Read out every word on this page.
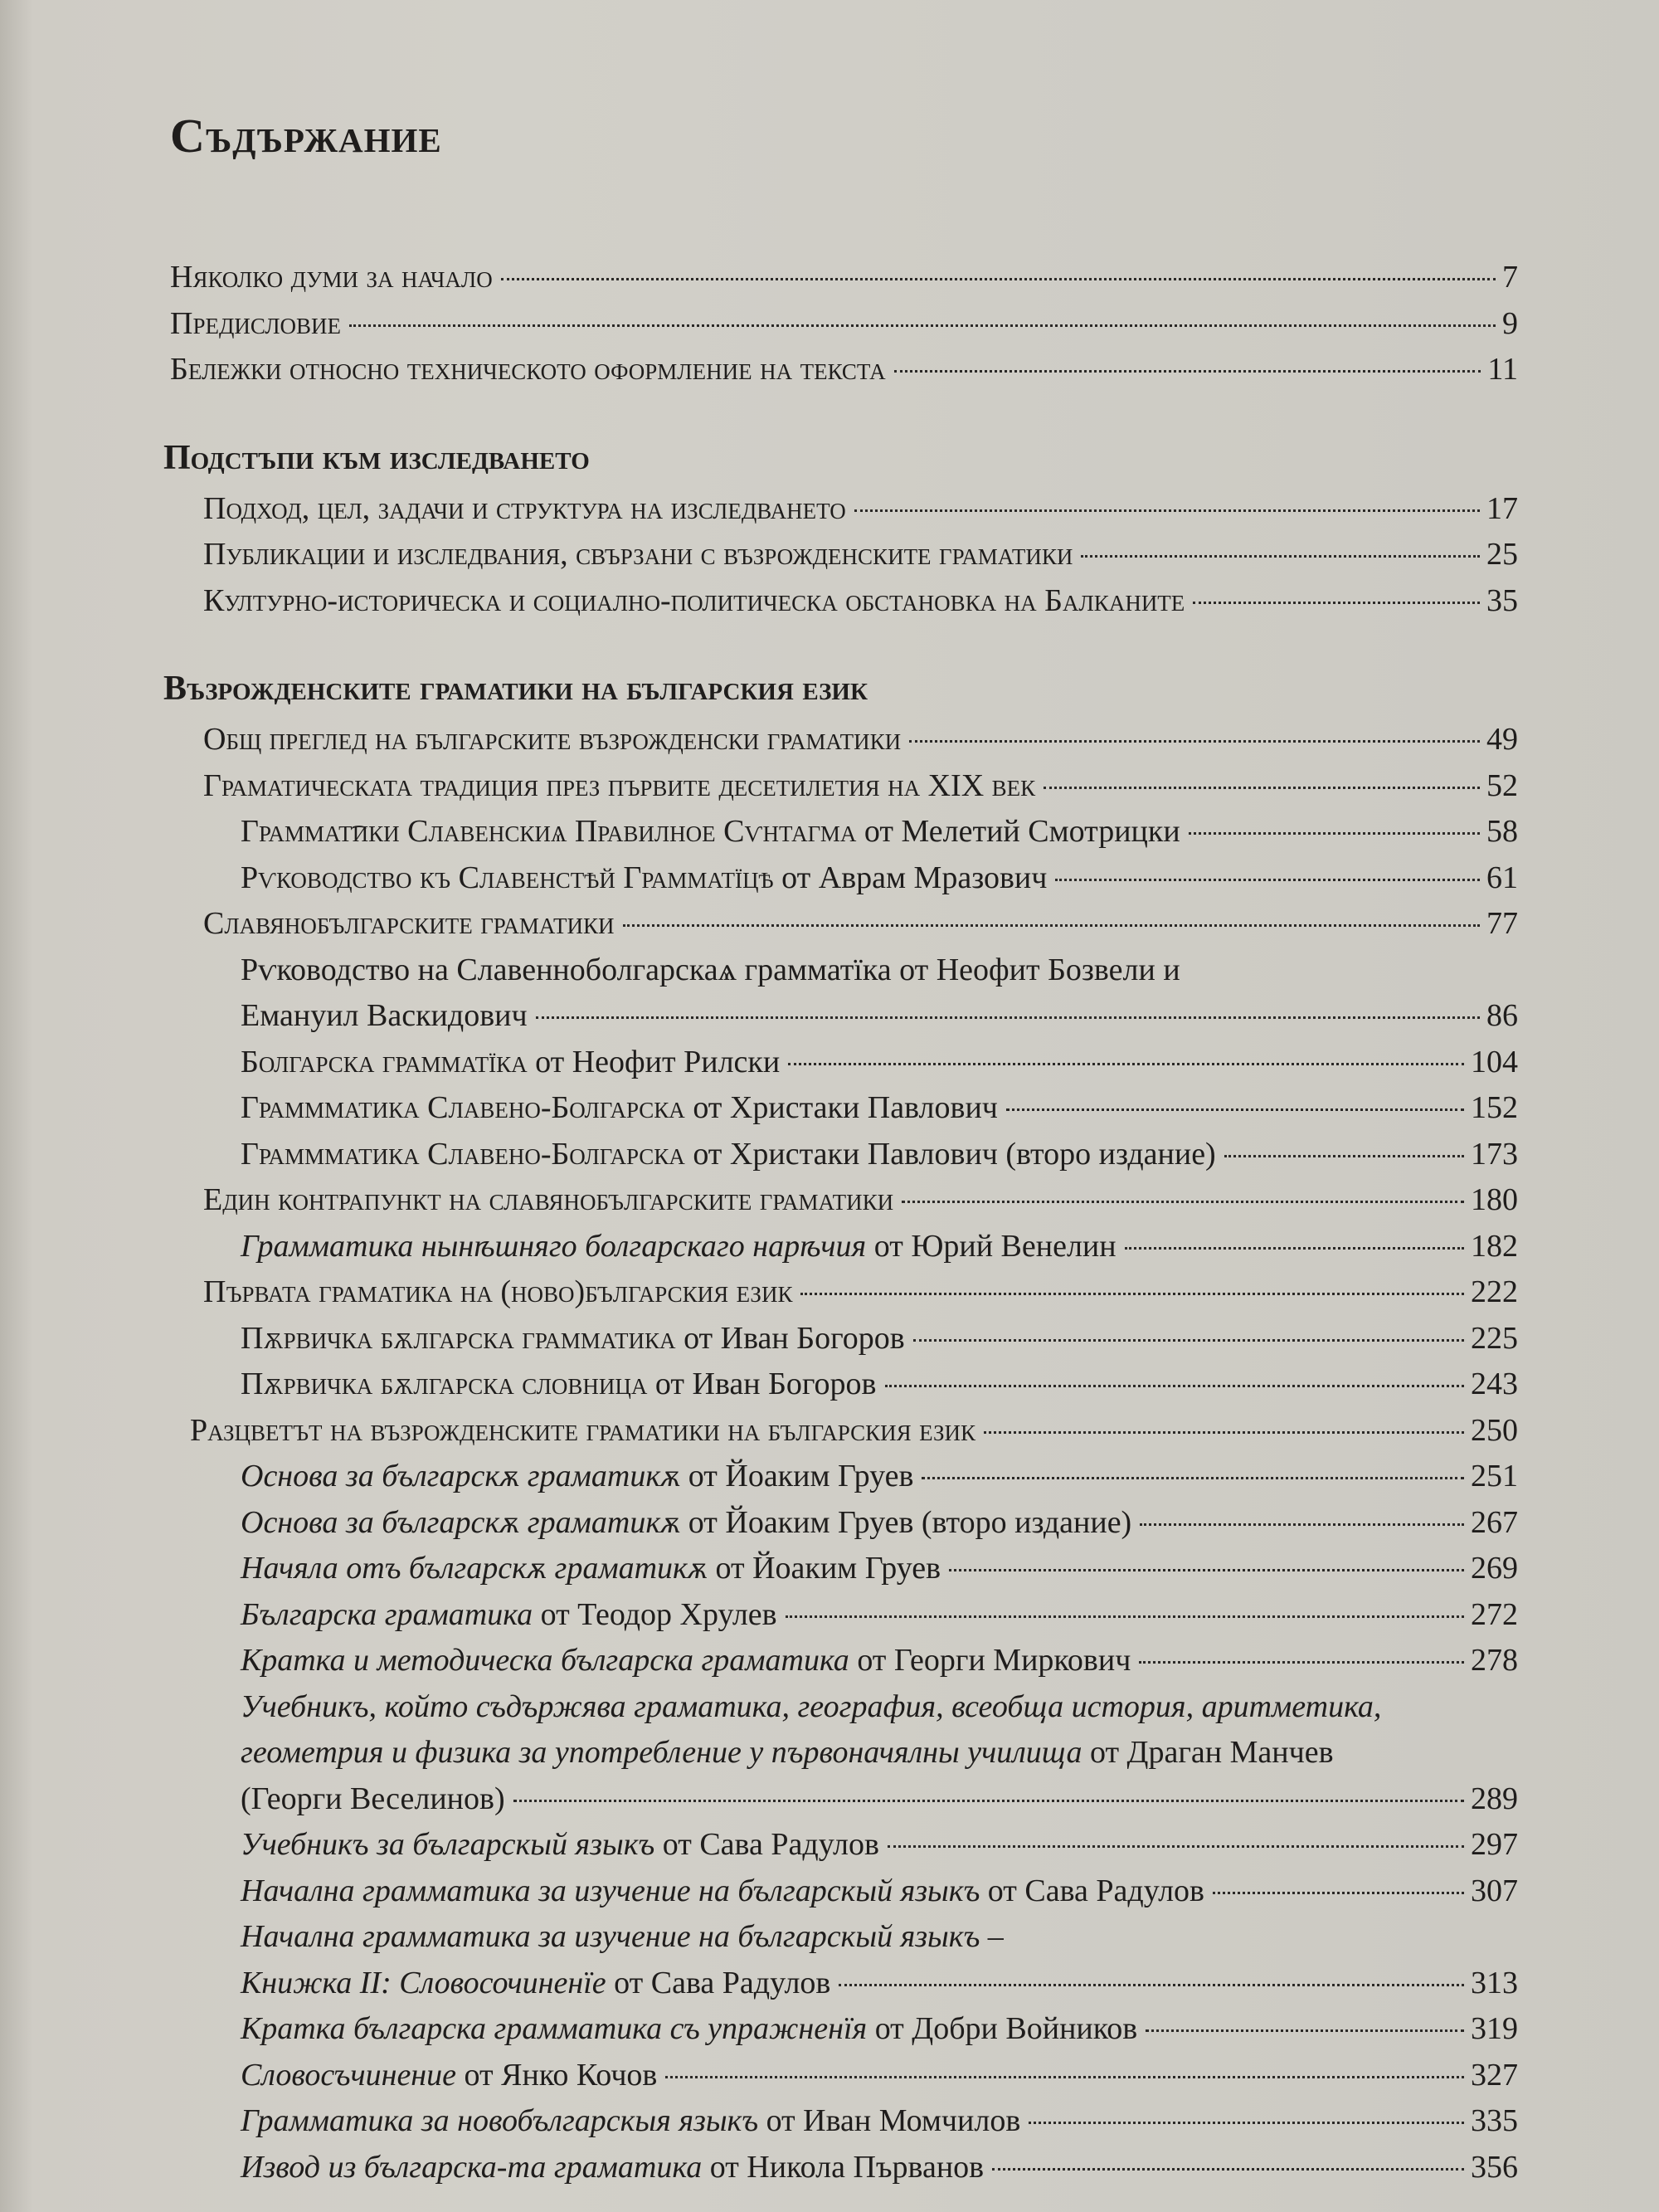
Съдържание
Няколко думи за начало	7
Предисловие	9
Бележки относно техническото оформление на текста	11
Подстъпи към изследването
Подход, цел, задачи и структура на изследването	17
Публикации и изследвания, свързани с възрожденските граматики	25
Културно-историческа и социално-политическа обстановка на Балканите	35
Възрожденските граматики на българския език
Общ преглед на българските възрожденски граматики	49
Граматическата традиция през първите десетилетия на XIX век	52
Граммат͡ики Славенскиѧ Правилное Сѵнтагма от Мелетий Смотрицки	58
Рѵководство къ Славенстѣй Грамматїцѣ от Аврам Мразович	61
Славянобългарските граматики	77
Рѵководство на Славенноболгарскаѧ грамматїка от Неофит Бозвели и
Емануил Васкидович	86
Болгарска грамматїка от Неофит Рилски	104
Граммматика Славено-Болгарска от Христаки Павлович	152
Граммматика Славено-Болгарска от Христаки Павлович (второ издание)	173
Един контрапункт на славянобългарските граматики	180
Грамматика нынѣшняго болгарскаго нарѣчия от Юрий Венелин	182
Първата граматика на (ново)българския език	222
Пѫрвичка бѫлгарска грамматика от Иван Богоров	225
Пѫрвичка бѫлгарска словница от Иван Богоров	243
Разцветът на възрожденските граматики на българския език	250
Основа за българскѫ граматикѫ от Йоаким Груев	251
Основа за българскѫ граматикѫ от Йоаким Груев (второ издание)	267
Начяла отъ българскѫ граматикѫ от Йоаким Груев	269
Българска граматика от Теодор Хрулев	272
Кратка и методическа българска граматика от Георги Миркович	278
Учебникъ, който съдържява граматика, география, всеобща история, аритметика,
геометрия и физика за употребление у първоначялны училища от Драган Манчев
(Георги Веселинов)	289
Учебникъ за българскый языкъ от Сава Радулов	297
Начална грамматика за изучение на българскый языкъ от Сава Радулов	307
Начална грамматика за изучение на българскый языкъ –
Книжка II: Словосочиненїе от Сава Радулов	313
Кратка българска грамматика съ упражненїя от Добри Войников	319
Словосъчинение от Янко Кочов	327
Грамматика за новобългарскыя языкъ от Иван Момчилов	335
Извод из българска-та граматика от Никола Първанов	356
